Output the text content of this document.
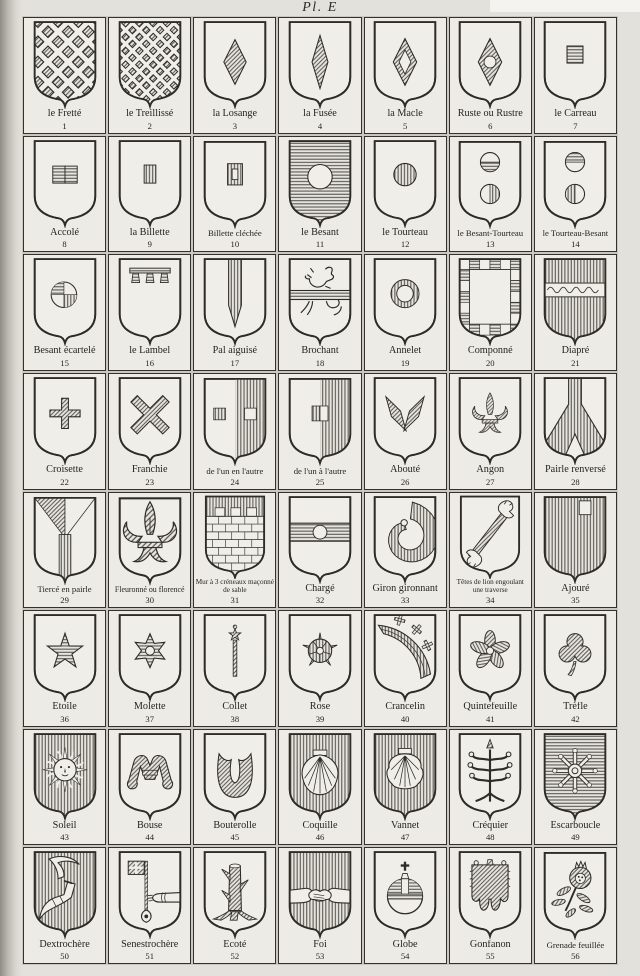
Pl. E
le Fretté
1
le Treillissé
2
la Losange
3
la Fusée
4
la Macle
5
Ruste ou Rustre
6
le Carreau
7
Accolé
8
la Billette
9
Billette cléchée
10
le Besant
11
le Tourteau
12
le Besant-Tourteau
13
le Tourteau-Besant
14
Besant écartelé
15
le Lambel
16
Pal aiguisé
17
Brochant
18
Annelet
19
Componné
20
Diapré
21
Croisette
22
Franchie
23
de l'un en l'autre
24
de l'un à l'autre
25
Abouté
26
Angon
27
Pairle renversé
28
Tiercé en pairle
29
Fleuronné ou florencé
30
Mur à 3 créneaux maçonné de sable
31
Chargé
32
Giron gironnant
33
Têtes de lion engoulant une traverse
34
Ajouré
35
Étoile
36
Molette
37
Collet
38
Rose
39
Crancelin
40
Quintefeuille
41
Trèfle
42
Soleil
43
Bouse
44
Bouterolle
45
Coquille
46
Vannet
47
Créquier
48
Escarboucle
49
Dextrochère
50
Senestrochère
51
Ecoté
52
Foi
53
Globe
54
Gonfanon
55
Grenade feuillée
56
